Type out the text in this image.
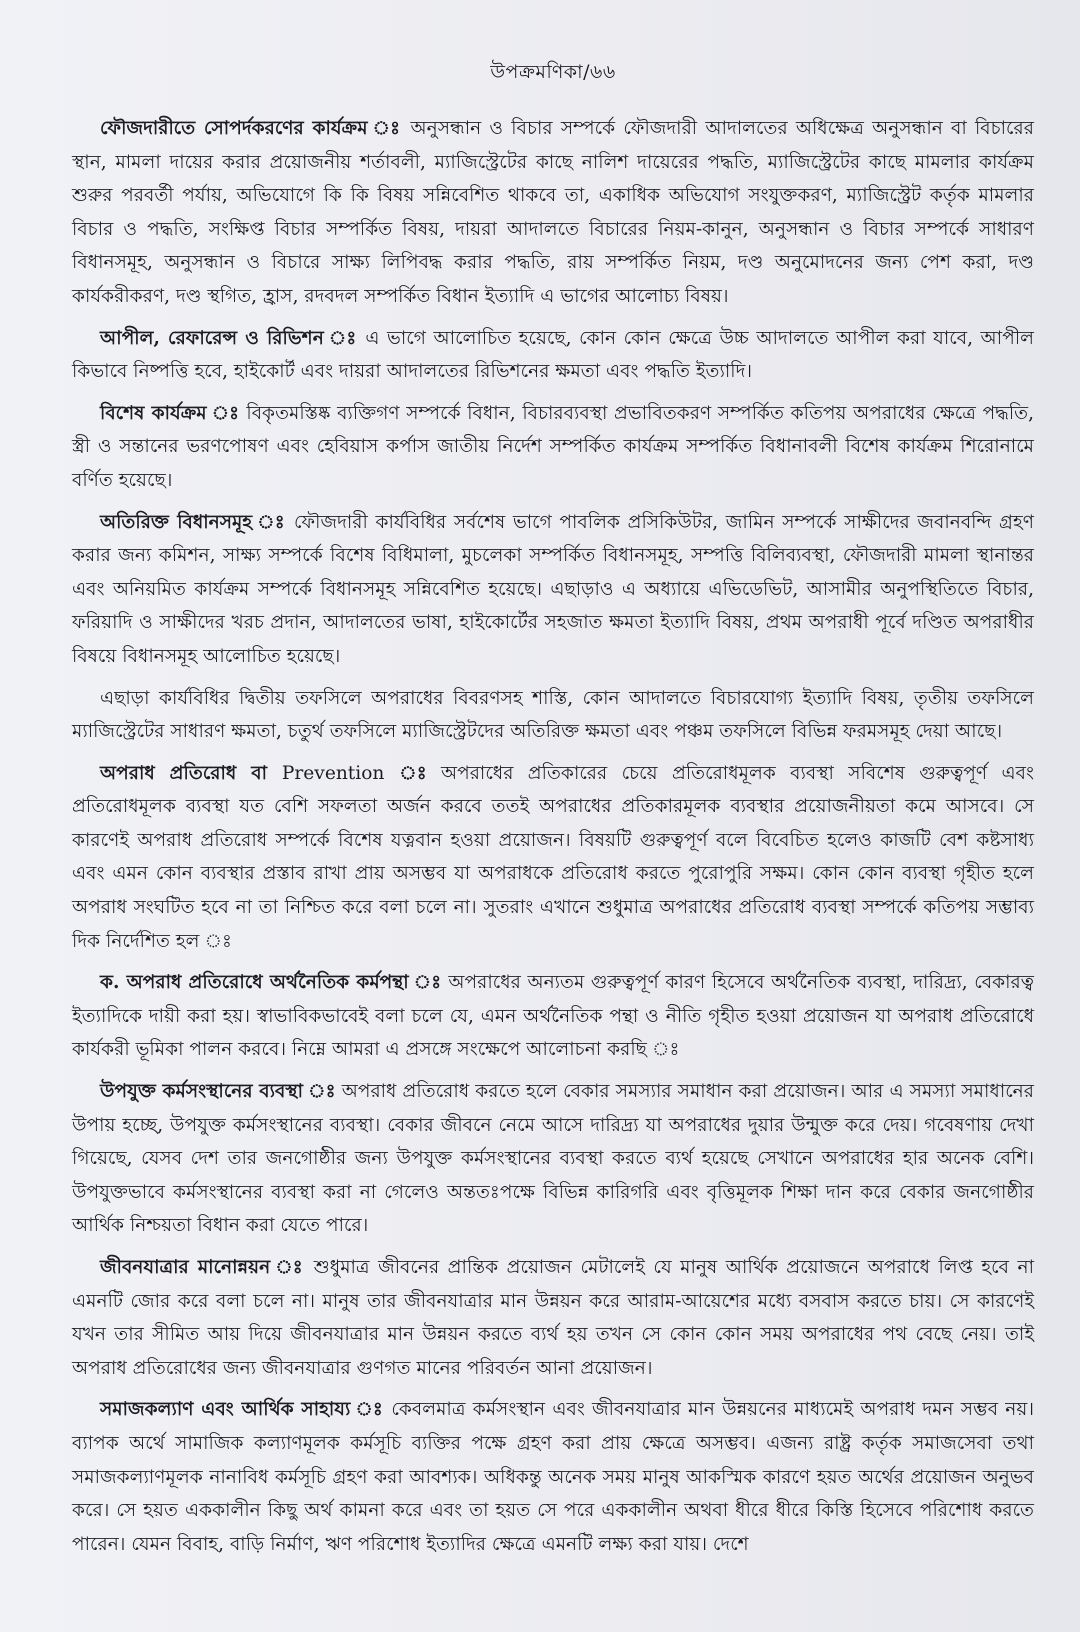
উপক্রমণিকা/৬৬

ফৌজদারীতে সোপর্দকরণের কার্যক্রম ঃ অনুসন্ধান ও বিচার সম্পর্কে ফৌজদারী আদালতের অধিক্ষেত্র অনুসন্ধান বা বিচারের স্থান, মামলা দায়ের করার প্রয়োজনীয় শর্তাবলী, ম্যাজিস্ট্রেটের কাছে নালিশ দায়েরের পদ্ধতি, ম্যাজিস্ট্রেটের কাছে মামলার কার্যক্রম শুরুর পরবর্তী পর্যায়, অভিযোগে কি কি বিষয় সন্নিবেশিত থাকবে তা, একাধিক অভিযোগ সংযুক্তকরণ, ম্যাজিস্ট্রেট কর্তৃক মামলার বিচার ও পদ্ধতি, সংক্ষিপ্ত বিচার সম্পর্কিত বিষয়, দায়রা আদালতে বিচারের নিয়ম-কানুন, অনুসন্ধান ও বিচার সম্পর্কে সাধারণ বিধানসমূহ, অনুসন্ধান ও বিচারে সাক্ষ্য লিপিবদ্ধ করার পদ্ধতি, রায় সম্পর্কিত নিয়ম, দণ্ড অনুমোদনের জন্য পেশ করা, দণ্ড কার্যকরীকরণ, দণ্ড স্থগিত, হ্রাস, রদবদল সম্পর্কিত বিধান ইত্যাদি এ ভাগের আলোচ্য বিষয়।

আপীল, রেফারেন্স ও রিভিশন ঃ এ ভাগে আলোচিত হয়েছে, কোন কোন ক্ষেত্রে উচ্চ আদালতে আপীল করা যাবে, আপীল কিভাবে নিষ্পত্তি হবে, হাইকোর্ট এবং দায়রা আদালতের রিভিশনের ক্ষমতা এবং পদ্ধতি ইত্যাদি।

বিশেষ কার্যক্রম ঃ বিকৃতমস্তিষ্ক ব্যক্তিগণ সম্পর্কে বিধান, বিচারব্যবস্থা প্রভাবিতকরণ সম্পর্কিত কতিপয় অপরাধের ক্ষেত্রে পদ্ধতি, স্ত্রী ও সন্তানের ভরণপোষণ এবং হেবিয়াস কর্পাস জাতীয় নির্দেশ সম্পর্কিত কার্যক্রম সম্পর্কিত বিধানাবলী বিশেষ কার্যক্রম শিরোনামে বর্ণিত হয়েছে।

অতিরিক্ত বিধানসমূহ ঃ ফৌজদারী কার্যবিধির সর্বশেষ ভাগে পাবলিক প্রসিকিউটর, জামিন সম্পর্কে সাক্ষীদের জবানবন্দি গ্রহণ করার জন্য কমিশন, সাক্ষ্য সম্পর্কে বিশেষ বিধিমালা, মুচলেকা সম্পর্কিত বিধানসমূহ, সম্পত্তি বিলিব্যবস্থা, ফৌজদারী মামলা স্থানান্তর এবং অনিয়মিত কার্যক্রম সম্পর্কে বিধানসমূহ সন্নিবেশিত হয়েছে। এছাড়াও এ অধ্যায়ে এভিডেভিট, আসামীর অনুপস্থিতিতে বিচার, ফরিয়াদি ও সাক্ষীদের খরচ প্রদান, আদালতের ভাষা, হাইকোর্টের সহজাত ক্ষমতা ইত্যাদি বিষয়, প্রথম অপরাধী পূর্বে দণ্ডিত অপরাধীর বিষয়ে বিধানসমূহ আলোচিত হয়েছে।

এছাড়া কার্যবিধির দ্বিতীয় তফসিলে অপরাধের বিবরণসহ শাস্তি, কোন আদালতে বিচারযোগ্য ইত্যাদি বিষয়, তৃতীয় তফসিলে ম্যাজিস্ট্রেটের সাধারণ ক্ষমতা, চতুর্থ তফসিলে ম্যাজিস্ট্রেটদের অতিরিক্ত ক্ষমতা এবং পঞ্চম তফসিলে বিভিন্ন ফরমসমূহ দেয়া আছে।

অপরাধ প্রতিরোধ বা Prevention ঃ অপরাধের প্রতিকারের চেয়ে প্রতিরোধমূলক ব্যবস্থা সবিশেষ গুরুত্বপূর্ণ এবং প্রতিরোধমূলক ব্যবস্থা যত বেশি সফলতা অর্জন করবে ততই অপরাধের প্রতিকারমূলক ব্যবস্থার প্রয়োজনীয়তা কমে আসবে। সে কারণেই অপরাধ প্রতিরোধ সম্পর্কে বিশেষ যত্নবান হওয়া প্রয়োজন। বিষয়টি গুরুত্বপূর্ণ বলে বিবেচিত হলেও কাজটি বেশ কষ্টসাধ্য এবং এমন কোন ব্যবস্থার প্রস্তাব রাখা প্রায় অসম্ভব যা অপরাধকে প্রতিরোধ করতে পুরোপুরি সক্ষম। কোন কোন ব্যবস্থা গৃহীত হলে অপরাধ সংঘটিত হবে না তা নিশ্চিত করে বলা চলে না। সুতরাং এখানে শুধুমাত্র অপরাধের প্রতিরোধ ব্যবস্থা সম্পর্কে কতিপয় সম্ভাব্য দিক নির্দেশিত হল ঃ

ক. অপরাধ প্রতিরোধে অর্থনৈতিক কর্মপন্থা ঃ অপরাধের অন্যতম গুরুত্বপূর্ণ কারণ হিসেবে অর্থনৈতিক ব্যবস্থা, দারিদ্র্য, বেকারত্ব ইত্যাদিকে দায়ী করা হয়। স্বাভাবিকভাবেই বলা চলে যে, এমন অর্থনৈতিক পন্থা ও নীতি গৃহীত হওয়া প্রয়োজন যা অপরাধ প্রতিরোধে কার্যকরী ভূমিকা পালন করবে। নিম্নে আমরা এ প্রসঙ্গে সংক্ষেপে আলোচনা করছি ঃ

উপযুক্ত কর্মসংস্থানের ব্যবস্থা ঃ অপরাধ প্রতিরোধ করতে হলে বেকার সমস্যার সমাধান করা প্রয়োজন। আর এ সমস্যা সমাধানের উপায় হচ্ছে, উপযুক্ত কর্মসংস্থানের ব্যবস্থা। বেকার জীবনে নেমে আসে দারিদ্র্য যা অপরাধের দুয়ার উন্মুক্ত করে দেয়। গবেষণায় দেখা গিয়েছে, যেসব দেশ তার জনগোষ্ঠীর জন্য উপযুক্ত কর্মসংস্থানের ব্যবস্থা করতে ব্যর্থ হয়েছে সেখানে অপরাধের হার অনেক বেশি। উপযুক্তভাবে কর্মসংস্থানের ব্যবস্থা করা না গেলেও অন্ততঃপক্ষে বিভিন্ন কারিগরি এবং বৃত্তিমূলক শিক্ষা দান করে বেকার জনগোষ্ঠীর আর্থিক নিশ্চয়তা বিধান করা যেতে পারে।

জীবনযাত্রার মানোন্নয়ন ঃ শুধুমাত্র জীবনের প্রান্তিক প্রয়োজন মেটালেই যে মানুষ আর্থিক প্রয়োজনে অপরাধে লিপ্ত হবে না এমনটি জোর করে বলা চলে না। মানুষ তার জীবনযাত্রার মান উন্নয়ন করে আরাম-আয়েশের মধ্যে বসবাস করতে চায়। সে কারণেই যখন তার সীমিত আয় দিয়ে জীবনযাত্রার মান উন্নয়ন করতে ব্যর্থ হয় তখন সে কোন কোন সময় অপরাধের পথ বেছে নেয়। তাই অপরাধ প্রতিরোধের জন্য জীবনযাত্রার গুণগত মানের পরিবর্তন আনা প্রয়োজন।

সমাজকল্যাণ এবং আর্থিক সাহায্য ঃ কেবলমাত্র কর্মসংস্থান এবং জীবনযাত্রার মান উন্নয়নের মাধ্যমেই অপরাধ দমন সম্ভব নয়। ব্যাপক অর্থে সামাজিক কল্যাণমূলক কর্মসূচি ব্যক্তির পক্ষে গ্রহণ করা প্রায় ক্ষেত্রে অসম্ভব। এজন্য রাষ্ট্র কর্তৃক সমাজসেবা তথা সমাজকল্যাণমূলক নানাবিধ কর্মসূচি গ্রহণ করা আবশ্যক। অধিকন্তু অনেক সময় মানুষ আকস্মিক কারণে হয়ত অর্থের প্রয়োজন অনুভব করে। সে হয়ত এককালীন কিছু অর্থ কামনা করে এবং তা হয়ত সে পরে এককালীন অথবা ধীরে ধীরে কিস্তি হিসেবে পরিশোধ করতে পারেন। যেমন বিবাহ, বাড়ি নির্মাণ, ঋণ পরিশোধ ইত্যাদির ক্ষেত্রে এমনটি লক্ষ্য করা যায়। দেশে
